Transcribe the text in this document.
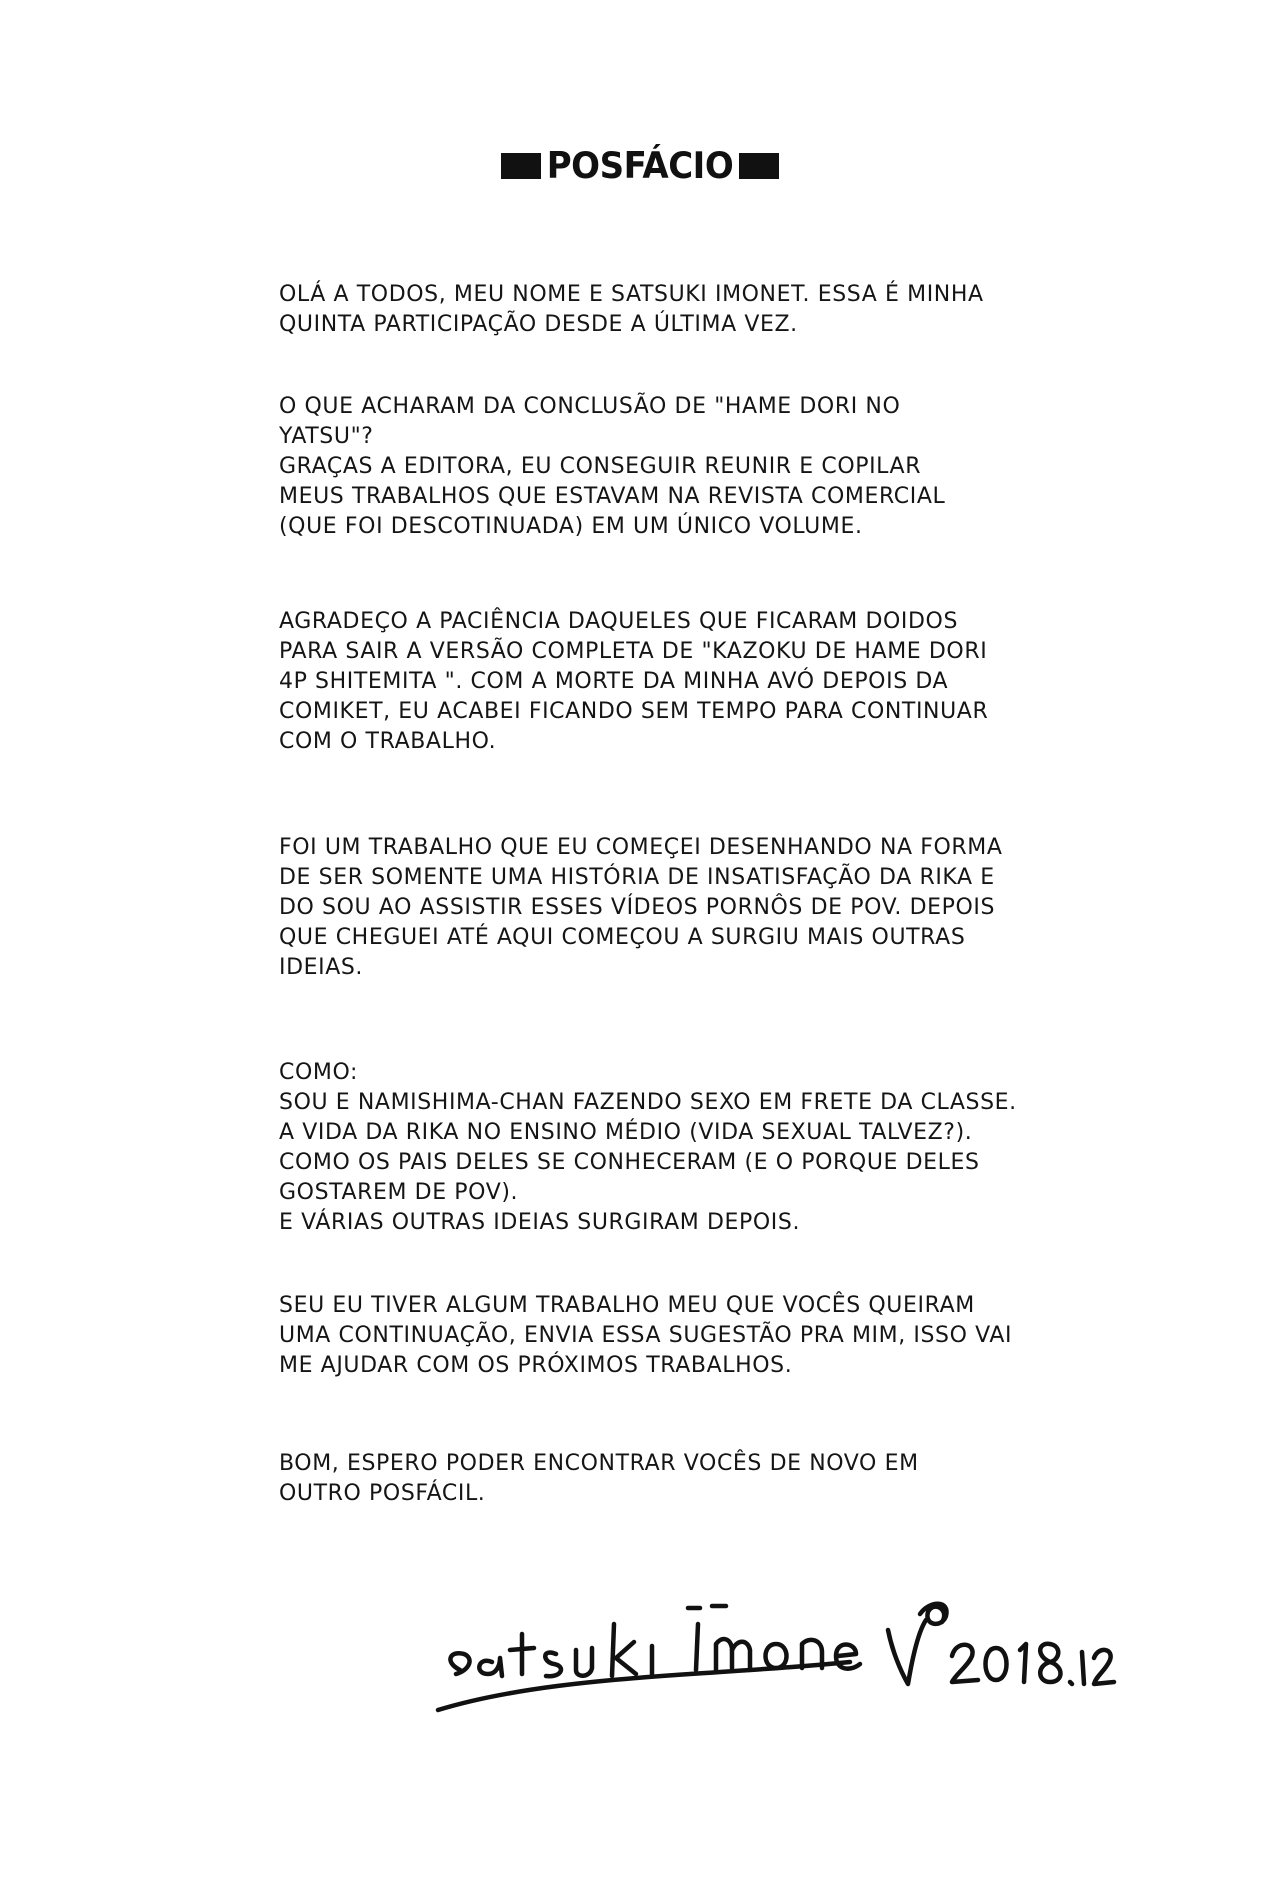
POSFÁCIO

OLÁ A TODOS, MEU NOME E SATSUKI IMONET. ESSA É MINHA
QUINTA PARTICIPAÇÃO DESDE A ÚLTIMA VEZ.

O QUE ACHARAM DA CONCLUSÃO DE "HAME DORI NO
YATSU"?
GRAÇAS A EDITORA, EU CONSEGUIR REUNIR E COPILAR
MEUS TRABALHOS QUE ESTAVAM NA REVISTA COMERCIAL
(QUE FOI DESCOTINUADA) EM UM ÚNICO VOLUME.

AGRADEÇO A PACIÊNCIA DAQUELES QUE FICARAM DOIDOS
PARA SAIR A VERSÃO COMPLETA DE "KAZOKU DE HAME DORI
4P SHITEMITA ". COM A MORTE DA MINHA AVÓ DEPOIS DA
COMIKET, EU ACABEI FICANDO SEM TEMPO PARA CONTINUAR
COM O TRABALHO.

FOI UM TRABALHO QUE EU COMEÇEI DESENHANDO NA FORMA
DE SER SOMENTE UMA HISTÓRIA DE INSATISFAÇÃO DA RIKA E
DO SOU AO ASSISTIR ESSES VÍDEOS PORNÔS DE POV. DEPOIS
QUE CHEGUEI ATÉ AQUI COMEÇOU A SURGIU MAIS OUTRAS
IDEIAS.

COMO:
SOU E NAMISHIMA-CHAN FAZENDO SEXO EM FRETE DA CLASSE.
A VIDA DA RIKA NO ENSINO MÉDIO (VIDA SEXUAL TALVEZ?).
COMO OS PAIS DELES SE CONHECERAM (E O PORQUE DELES
GOSTAREM DE POV).
E VÁRIAS OUTRAS IDEIAS SURGIRAM DEPOIS.

SEU EU TIVER ALGUM TRABALHO MEU QUE VOCÊS QUEIRAM
UMA CONTINUAÇÃO, ENVIA ESSA SUGESTÃO PRA MIM, ISSO VAI
ME AJUDAR COM OS PRÓXIMOS TRABALHOS.

BOM, ESPERO PODER ENCONTRAR VOCÊS DE NOVO EM
OUTRO POSFÁCIL.
